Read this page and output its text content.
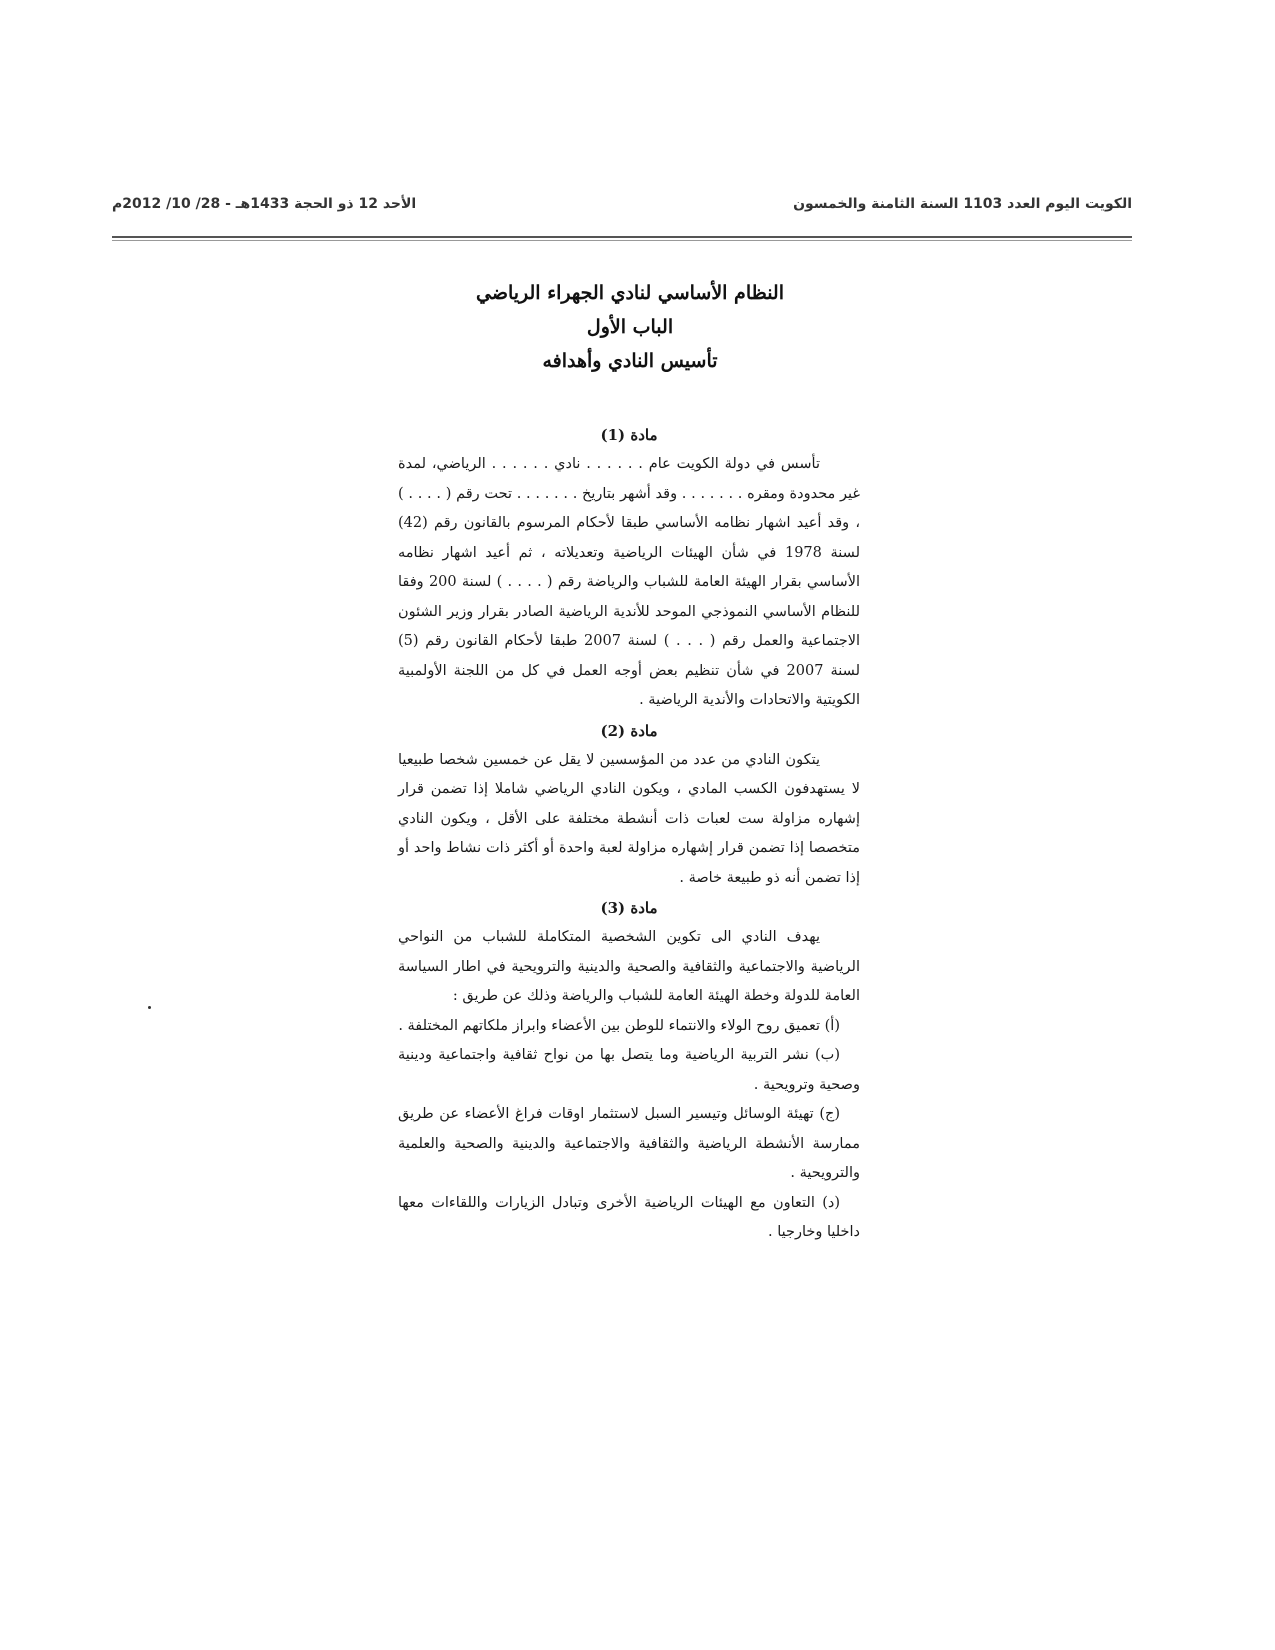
الكويت اليوم العدد 1103 السنة الثامنة والخمسون
الأحد 12 ذو الحجة 1433هـ - 28/ 10/ 2012م
النظام الأساسي لنادي الجهراء الرياضي
الباب الأول
تأسيس النادي وأهدافه
مادة (1)

تأسس في دولة الكويت عام . . . . . . نادي . . . . . . الرياضي، لمدة غير محدودة ومقره . . . . . . . وقد أشهر بتاريخ . . . . . . . تحت رقم ( . . . . ) ، وقد أعيد اشهار نظامه الأساسي طبقا لأحكام المرسوم بالقانون رقم (42) لسنة 1978 في شأن الهيئات الرياضية وتعديلاته ، ثم أعيد اشهار نظامه الأساسي بقرار الهيئة العامة للشباب والرياضة رقم ( . . . . ) لسنة 200 وفقا للنظام الأساسي النموذجي الموحد للأندية الرياضية الصادر بقرار وزير الشئون الاجتماعية والعمل رقم ( . . . ) لسنة 2007 طبقا لأحكام القانون رقم (5) لسنة 2007 في شأن تنظيم بعض أوجه العمل في كل من اللجنة الأولمبية الكويتية والاتحادات والأندية الرياضية .

مادة (2)

يتكون النادي من عدد من المؤسسين لا يقل عن خمسين شخصا طبيعيا لا يستهدفون الكسب المادي ، ويكون النادي الرياضي شاملا إذا تضمن قرار إشهاره مزاولة ست لعبات ذات أنشطة مختلفة على الأقل ، ويكون النادي متخصصا إذا تضمن قرار إشهاره مزاولة لعبة واحدة أو أكثر ذات نشاط واحد أو إذا تضمن أنه ذو طبيعة خاصة .

مادة (3)

يهدف النادي الى تكوين الشخصية المتكاملة للشباب من النواحي الرياضية والاجتماعية والثقافية والصحية والدينية والترويحية في اطار السياسة العامة للدولة وخطة الهيئة العامة للشباب والرياضة وذلك عن طريق :

(أ) تعميق روح الولاء والانتماء للوطن بين الأعضاء وابراز ملكاتهم المختلفة .

(ب) نشر التربية الرياضية وما يتصل بها من نواح ثقافية واجتماعية ودينية وصحية وترويحية .

(ج) تهيئة الوسائل وتيسير السبل لاستثمار اوقات فراغ الأعضاء عن طريق ممارسة الأنشطة الرياضية والثقافية والاجتماعية والدينية والصحية والعلمية والترويحية .

(د) التعاون مع الهيئات الرياضية الأخرى وتبادل الزيارات واللقاءات معها داخليا وخارجيا .
